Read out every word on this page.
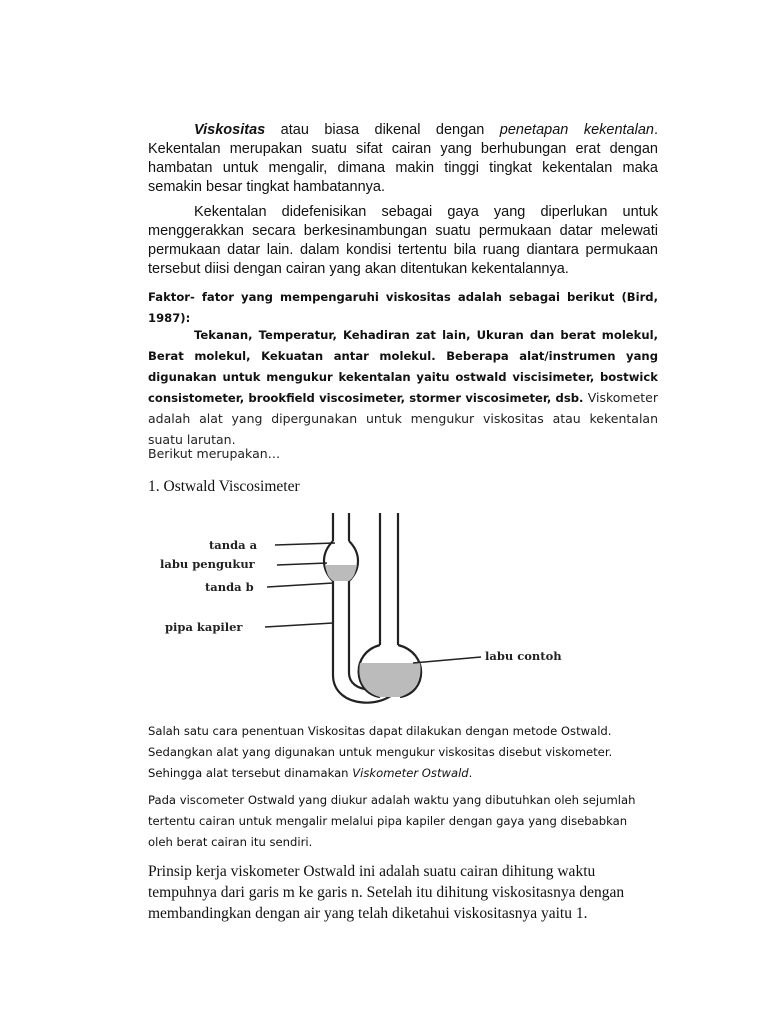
Viskositas atau biasa dikenal dengan penetapan kekentalan. Kekentalan merupakan suatu sifat cairan yang berhubungan erat dengan hambatan untuk mengalir, dimana makin tinggi tingkat kekentalan maka semakin besar tingkat hambatannya.

Kekentalan didefenisikan sebagai gaya yang diperlukan untuk menggerakkan secara berkesinambungan suatu permukaan datar melewati permukaan datar lain. dalam kondisi tertentu bila ruang diantara permukaan tersebut diisi dengan cairan yang akan ditentukan kekentalannya.

Faktor- fator yang mempengaruhi viskositas adalah sebagai berikut (Bird, 1987):

Tekanan, Temperatur, Kehadiran zat lain, Ukuran dan berat molekul, Berat molekul, Kekuatan antar molekul. Beberapa alat/instrumen yang digunakan untuk mengukur kekentalan yaitu ostwald viscisimeter, bostwick consistometer, brookfield viscosimeter, stormer viscosimeter, dsb. Viskometer adalah alat yang dipergunakan untuk mengukur viskositas atau kekentalan suatu larutan.

Berikut merupakan…

1. Ostwald Viscosimeter

tanda a
labu pengukur
tanda b
pipa kapiler
labu contoh

Salah satu cara penentuan Viskositas dapat dilakukan dengan metode Ostwald. Sedangkan alat yang digunakan untuk mengukur viskositas disebut viskometer. Sehingga alat tersebut dinamakan Viskometer Ostwald.

Pada viscometer Ostwald yang diukur adalah waktu yang dibutuhkan oleh sejumlah tertentu cairan untuk mengalir melalui pipa kapiler dengan gaya yang disebabkan oleh berat cairan itu sendiri.

Prinsip kerja viskometer Ostwald ini adalah suatu cairan dihitung waktu tempuhnya dari garis m ke garis n. Setelah itu dihitung viskositasnya dengan membandingkan dengan air yang telah diketahui viskositasnya yaitu 1.
